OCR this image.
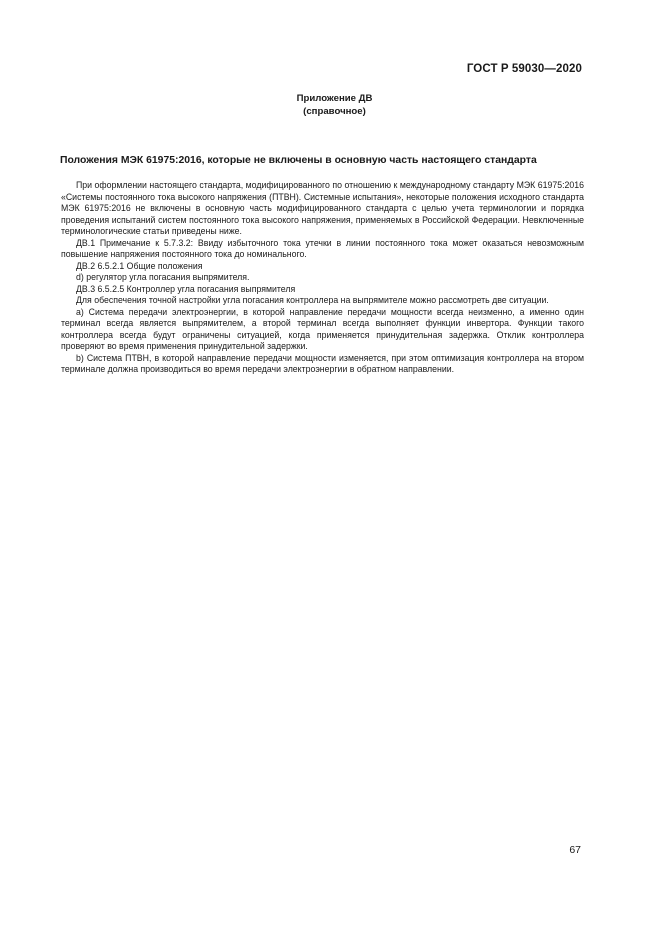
ГОСТ Р 59030—2020
Приложение ДВ
(справочное)
Положения МЭК 61975:2016, которые не включены в основную часть настоящего стандарта

При оформлении настоящего стандарта, модифицированного по отношению к международному стандарту МЭК 61975:2016 «Системы постоянного тока высокого напряжения (ПТВН). Системные испытания», некоторые положения исходного стандарта МЭК 61975:2016 не включены в основную часть модифицированного стандарта с целью учета терминологии и порядка проведения испытаний систем постоянного тока высокого напряжения, применяемых в Российской Федерации. Невключенные терминологические статьи приведены ниже.

ДВ.1 Примечание к 5.7.3.2: Ввиду избыточного тока утечки в линии постоянного тока может оказаться невозможным повышение напряжения постоянного тока до номинального.

ДВ.2 6.5.2.1 Общие положения

d) регулятор угла погасания выпрямителя.

ДВ.3 6.5.2.5 Контроллер угла погасания выпрямителя

Для обеспечения точной настройки угла погасания контроллера на выпрямителе можно рассмотреть две ситуации.

a) Система передачи электроэнергии, в которой направление передачи мощности всегда неизменно, а именно один терминал всегда является выпрямителем, а второй терминал всегда выполняет функции инвертора. Функции такого контроллера всегда будут ограничены ситуацией, когда применяется принудительная задержка. Отклик контроллера проверяют во время применения принудительной задержки.

b) Система ПТВН, в которой направление передачи мощности изменяется, при этом оптимизация контроллера на втором терминале должна производиться во время передачи электроэнергии в обратном направлении.

67
